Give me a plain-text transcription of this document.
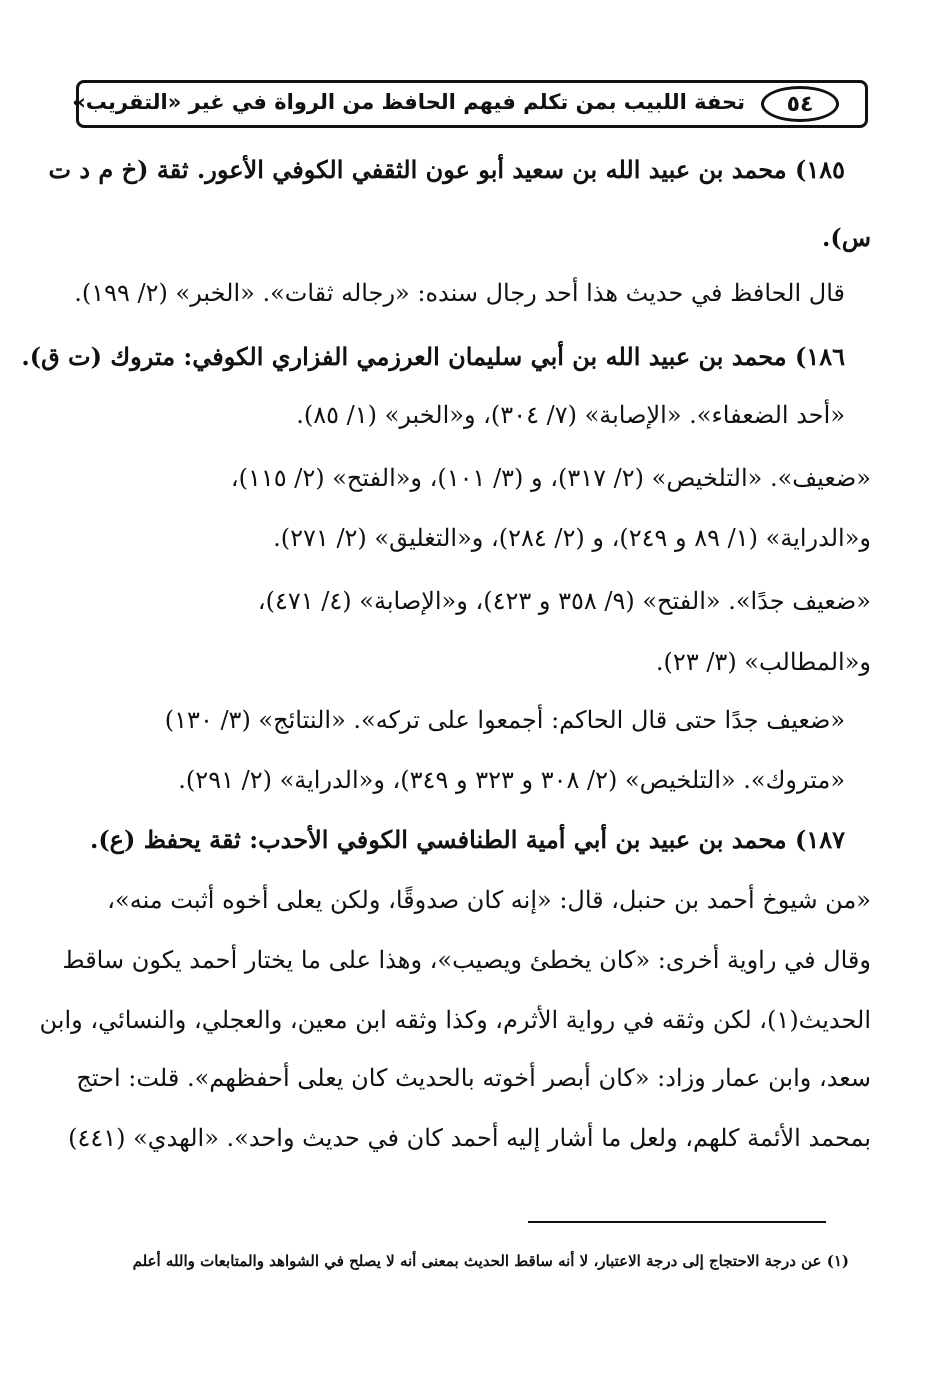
٥٤
تحفة اللبيب بمن تكلم فيهم الحافظ من الرواة في غير «التقريب»
١٨٥) محمد بن عبيد الله بن سعيد أبو عون الثقفي الكوفي الأعور. ثقة (خ م د ت
س).
قال الحافظ في حديث هذا أحد رجال سنده: «رجاله ثقات». «الخبر» (٢/ ١٩٩).
١٨٦) محمد بن عبيد الله بن أبي سليمان العرزمي الفزاري الكوفي: متروك (ت ق).
«أحد الضعفاء». «الإصابة» (٧/ ٣٠٤)، و«الخبر» (١/ ٨٥).
«ضعيف». «التلخيص» (٢/ ٣١٧)، و (٣/ ١٠١)، و«الفتح» (٢/ ١١٥)،
و«الدراية» (١/ ٨٩ و ٢٤٩)، و (٢/ ٢٨٤)، و«التغليق» (٢/ ٢٧١).
«ضعيف جدًا». «الفتح» (٩/ ٣٥٨ و ٤٢٣)، و«الإصابة» (٤/ ٤٧١)،
و«المطالب» (٣/ ٢٣).
«ضعيف جدًا حتى قال الحاكم: أجمعوا على تركه». «النتائج» (٣/ ١٣٠)
«متروك». «التلخيص» (٢/ ٣٠٨ و ٣٢٣ و ٣٤٩)، و«الدراية» (٢/ ٢٩١).
١٨٧) محمد بن عبيد بن أبي أمية الطنافسي الكوفي الأحدب: ثقة يحفظ (ع).
«من شيوخ أحمد بن حنبل، قال: «إنه كان صدوقًا، ولكن يعلى أخوه أثبت منه»،
وقال في راوية أخرى: «كان يخطئ ويصيب»، وهذا على ما يختار أحمد يكون ساقط
الحديث(١)، لكن وثقه في رواية الأثرم، وكذا وثقه ابن معين، والعجلي، والنسائي، وابن
سعد، وابن عمار وزاد: «كان أبصر أخوته بالحديث كان يعلى أحفظهم». قلت: احتج
بمحمد الأئمة كلهم، ولعل ما أشار إليه أحمد كان في حديث واحد». «الهدي» (٤٤١)
(١) عن درجة الاحتجاج إلى درجة الاعتبار، لا أنه ساقط الحديث بمعنى أنه لا يصلح في الشواهد والمتابعات والله أعلم
